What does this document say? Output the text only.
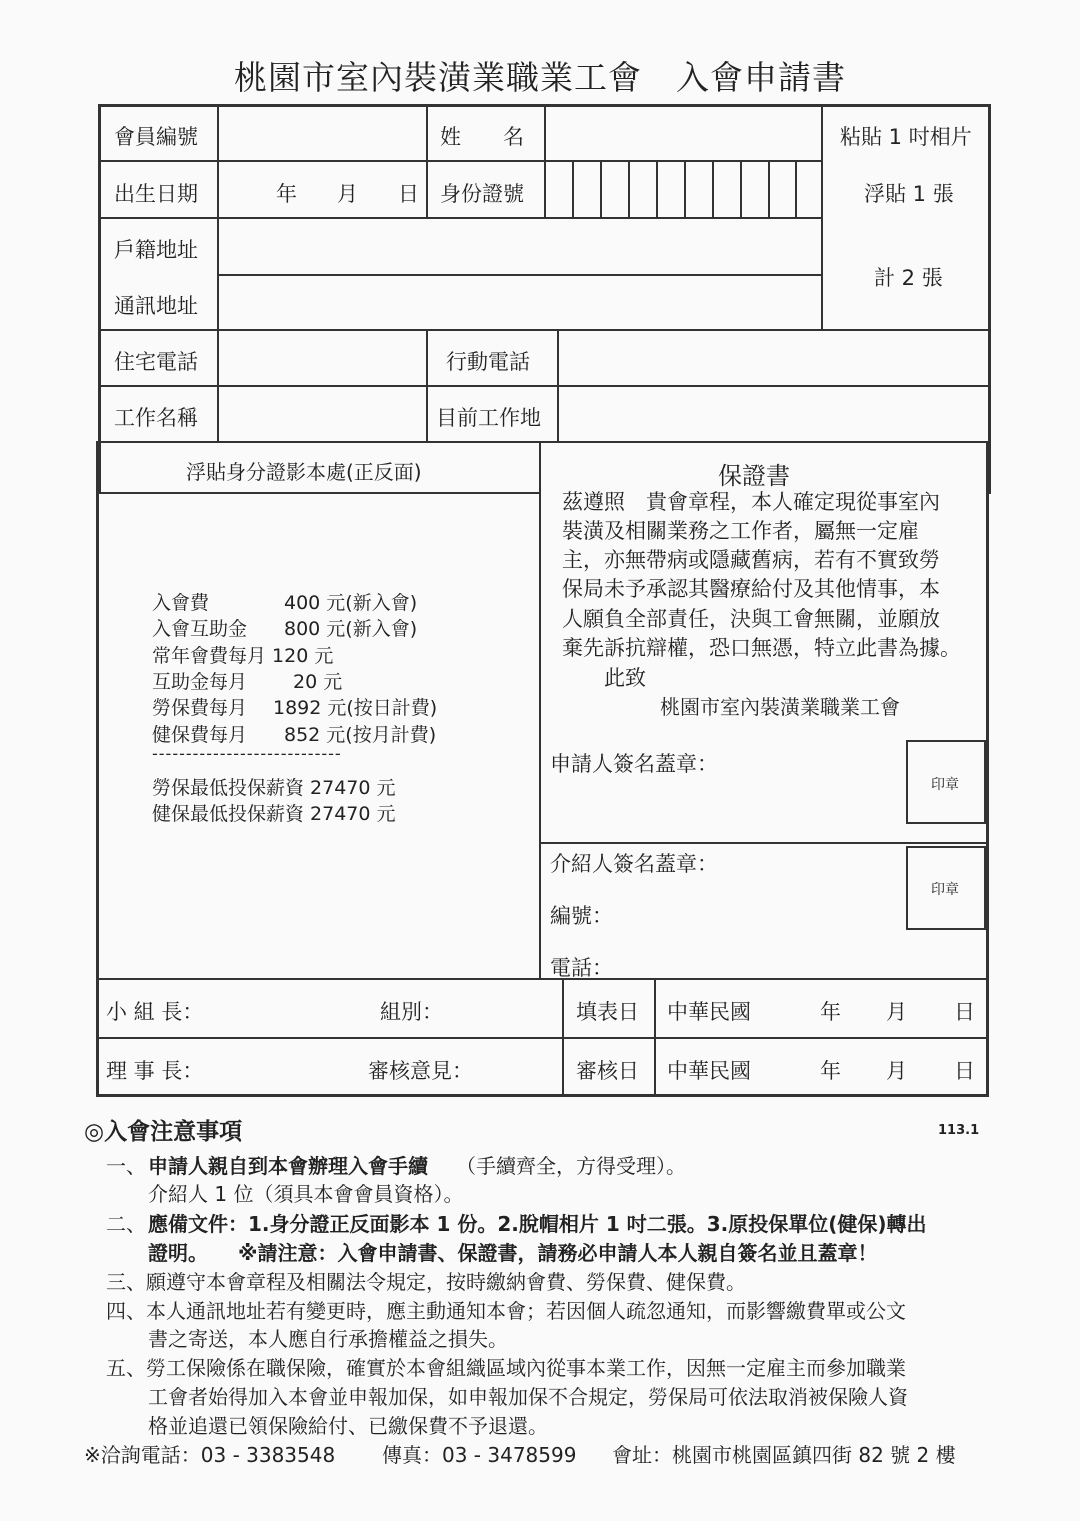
桃園市室內裝潢業職業工會　入會申請書
會員編號	姓　　名	粘貼 1 吋相片
浮貼 1 張
計 2 張
出生日期	年 月 日 身份證號
戶籍地址
通訊地址
住宅電話	行動電話
工作名稱	目前工作地
浮貼身分證影本處(正反面)
入會費	400 元(新入會)
入會互助金 800 元(新入會)
常年會費每月 120 元
互助金每月 20 元
勞保費每月 1892 元(按日計費)
健保費每月 852 元(按月計費)
----------------------------
勞保最低投保薪資 27470 元
健保最低投保薪資 27470 元
保證書
茲遵照　貴會章程，本人確定現從事室內
裝潢及相關業務之工作者，屬無一定雇
主，亦無帶病或隱藏舊病，若有不實致勞
保局未予承認其醫療給付及其他情事，本
人願負全部責任，決與工會無關，並願放
棄先訴抗辯權，恐口無憑，特立此書為據。
此致
桃園市室內裝潢業職業工會
申請人簽名蓋章：
印章
介紹人簽名蓋章：
印章
編號：
電話：
小 組 長：	組別：	填表日 中華民國	年 月 日
理 事 長：	審核意見：	審核日 中華民國	年 月 日
◎入會注意事項	113.1
一、 申請人親自到本會辦理入會手續 （手續齊全，方得受理）。
介紹人 1 位（須具本會會員資格）。
二、 應備文件：1.身分證正反面影本 1 份。2.脫帽相片 1 吋二張。3.原投保單位(健保)轉出
證明。　　※請注意：入會申請書、保證書，請務必申請人本人親自簽名並且蓋章！
三、願遵守本會章程及相關法令規定，按時繳納會費、勞保費、健保費。
四、本人通訊地址若有變更時，應主動通知本會；若因個人疏忽通知，而影響繳費單或公文
書之寄送，本人應自行承擔權益之損失。
五、勞工保險係在職保險，確實於本會組織區域內從事本業工作，因無一定雇主而參加職業
工會者始得加入本會並申報加保，如申報加保不合規定，勞保局可依法取消被保險人資
格並追還已領保險給付、已繳保費不予退還。
※洽詢電話：03 - 3383548 傳真：03 - 3478599 會址：桃園市桃園區鎮四街 82 號 2 樓
